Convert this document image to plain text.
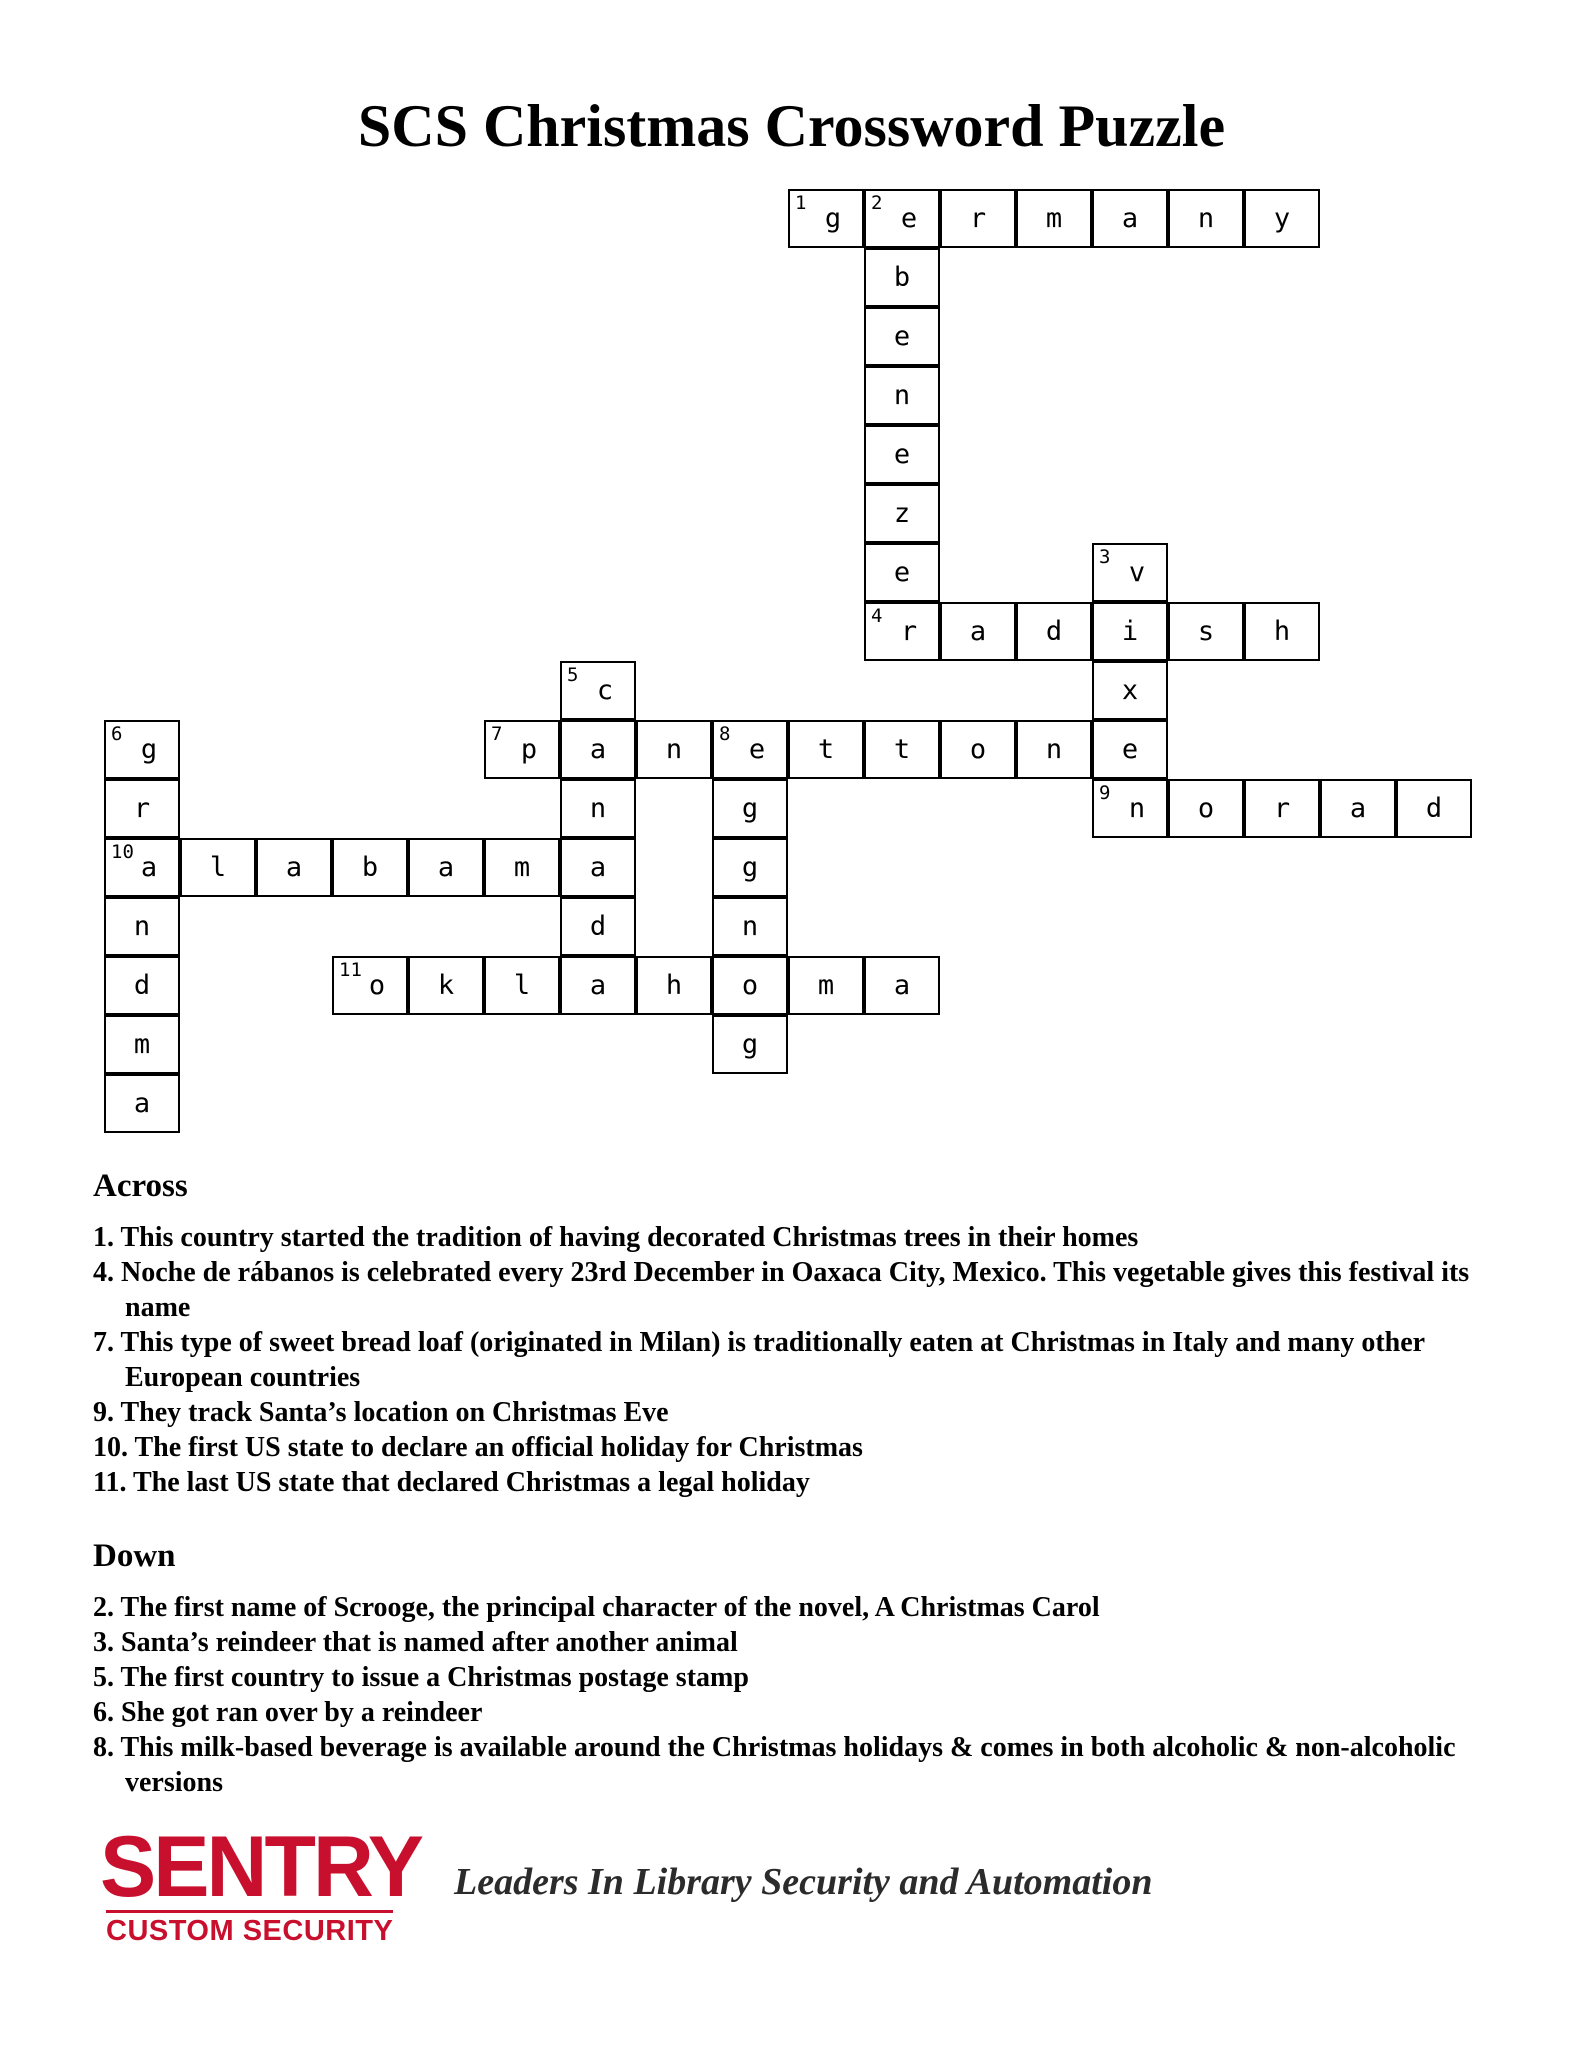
SCS Christmas Crossword Puzzle
1 g	2 e	r	m	a	n	y
b
e
n
e
z
e
4 r
3 v
i
x
e
9 n
a	d	s	h
5 c
a
n
a
d
a
6 g
r
10 a
n
d
m
a
7 p	n	8 e	t	t	o	n
g
g
n
o
g
o	r	a	d
l	a	b	a	m
11 o	k	l	h	m	a
Across
1. This country started the tradition of having decorated Christmas trees in their homes
4. Noche de rábanos is celebrated every 23rd December in Oaxaca City, Mexico. This vegetable gives this festival its name
7. This type of sweet bread loaf (originated in Milan) is traditionally eaten at Christmas in Italy and many other European countries
9. They track Santa’s location on Christmas Eve
10. The first US state to declare an official holiday for Christmas
11. The last US state that declared Christmas a legal holiday
Down
2. The first name of Scrooge, the principal character of the novel, A Christmas Carol
3. Santa’s reindeer that is named after another animal
5. The first country to issue a Christmas postage stamp
6. She got ran over by a reindeer
8. This milk-based beverage is available around the Christmas holidays & comes in both alcoholic & non-alcoholic versions
SENTRY
CUSTOM SECURITY
Leaders In Library Security and Automation
